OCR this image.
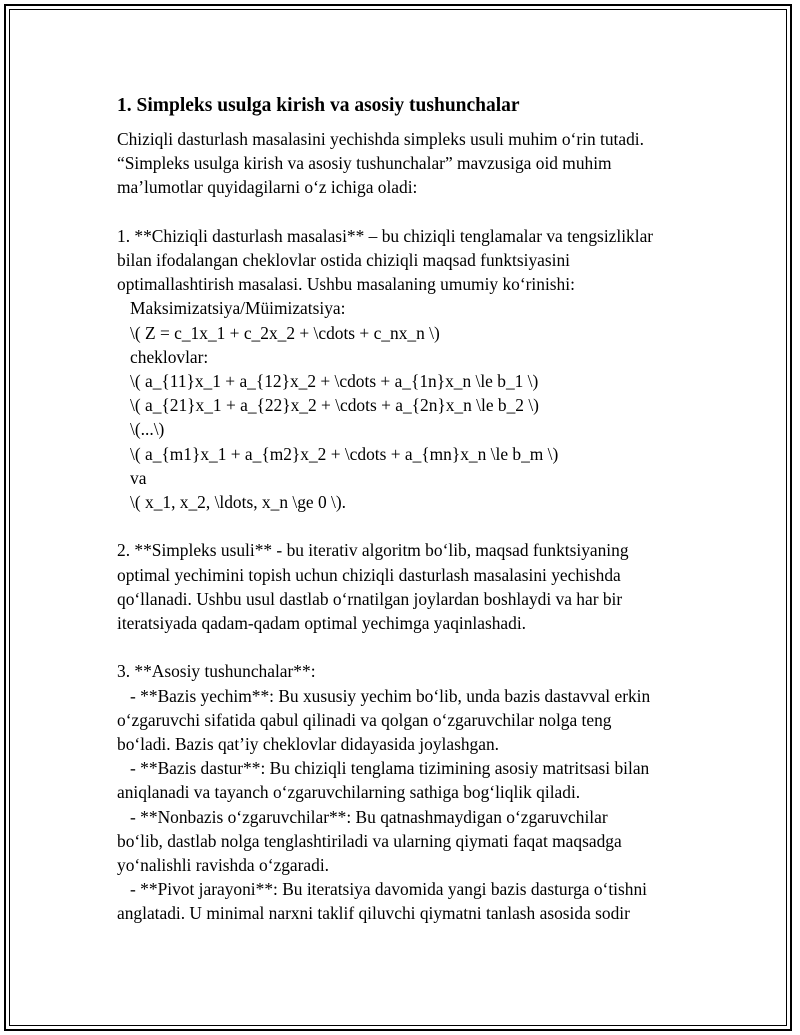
1. Simpleks usulga kirish va asosiy tushunchalar
Chiziqli dasturlash masalasini yechishda simpleks usuli muhim o‘rin tutadi.
“Simpleks usulga kirish va asosiy tushunchalar” mavzusiga oid muhim
ma’lumotlar quyidagilarni o‘z ichiga oladi:
1. **Chiziqli dasturlash masalasi** – bu chiziqli tenglamalar va tengsizliklar
bilan ifodalangan cheklovlar ostida chiziqli maqsad funktsiyasini
optimallashtirish masalasi. Ushbu masalaning umumiy ko‘rinishi:
Maksimizatsiya/Müimizatsiya:
\( Z = c_1x_1 + c_2x_2 + \cdots + c_nx_n \)
cheklovlar:
\( a_{11}x_1 + a_{12}x_2 + \cdots + a_{1n}x_n \le b_1 \)
\( a_{21}x_1 + a_{22}x_2 + \cdots + a_{2n}x_n \le b_2 \)
\(...\)
\( a_{m1}x_1 + a_{m2}x_2 + \cdots + a_{mn}x_n \le b_m \)
va
\( x_1, x_2, \ldots, x_n \ge 0 \).
2. **Simpleks usuli** - bu iterativ algoritm bo‘lib, maqsad funktsiyaning
optimal yechimini topish uchun chiziqli dasturlash masalasini yechishda
qo‘llanadi. Ushbu usul dastlab o‘rnatilgan joylardan boshlaydi va har bir
iteratsiyada qadam-qadam optimal yechimga yaqinlashadi.
3. **Asosiy tushunchalar**:
- **Bazis yechim**: Bu xususiy yechim bo‘lib, unda bazis dastavval erkin
o‘zgaruvchi sifatida qabul qilinadi va qolgan o‘zgaruvchilar nolga teng
bo‘ladi. Bazis qat’iy cheklovlar didayasida joylashgan.
- **Bazis dastur**: Bu chiziqli tenglama tizimining asosiy matritsasi bilan
aniqlanadi va tayanch o‘zgaruvchilarning sathiga bog‘liqlik qiladi.
- **Nonbazis o‘zgaruvchilar**: Bu qatnashmaydigan o‘zgaruvchilar
bo‘lib, dastlab nolga tenglashtiriladi va ularning qiymati faqat maqsadga
yo‘nalishli ravishda o‘zgaradi.
- **Pivot jarayoni**: Bu iteratsiya davomida yangi bazis dasturga o‘tishni
anglatadi. U minimal narxni taklif qiluvchi qiymatni tanlash asosida sodir
